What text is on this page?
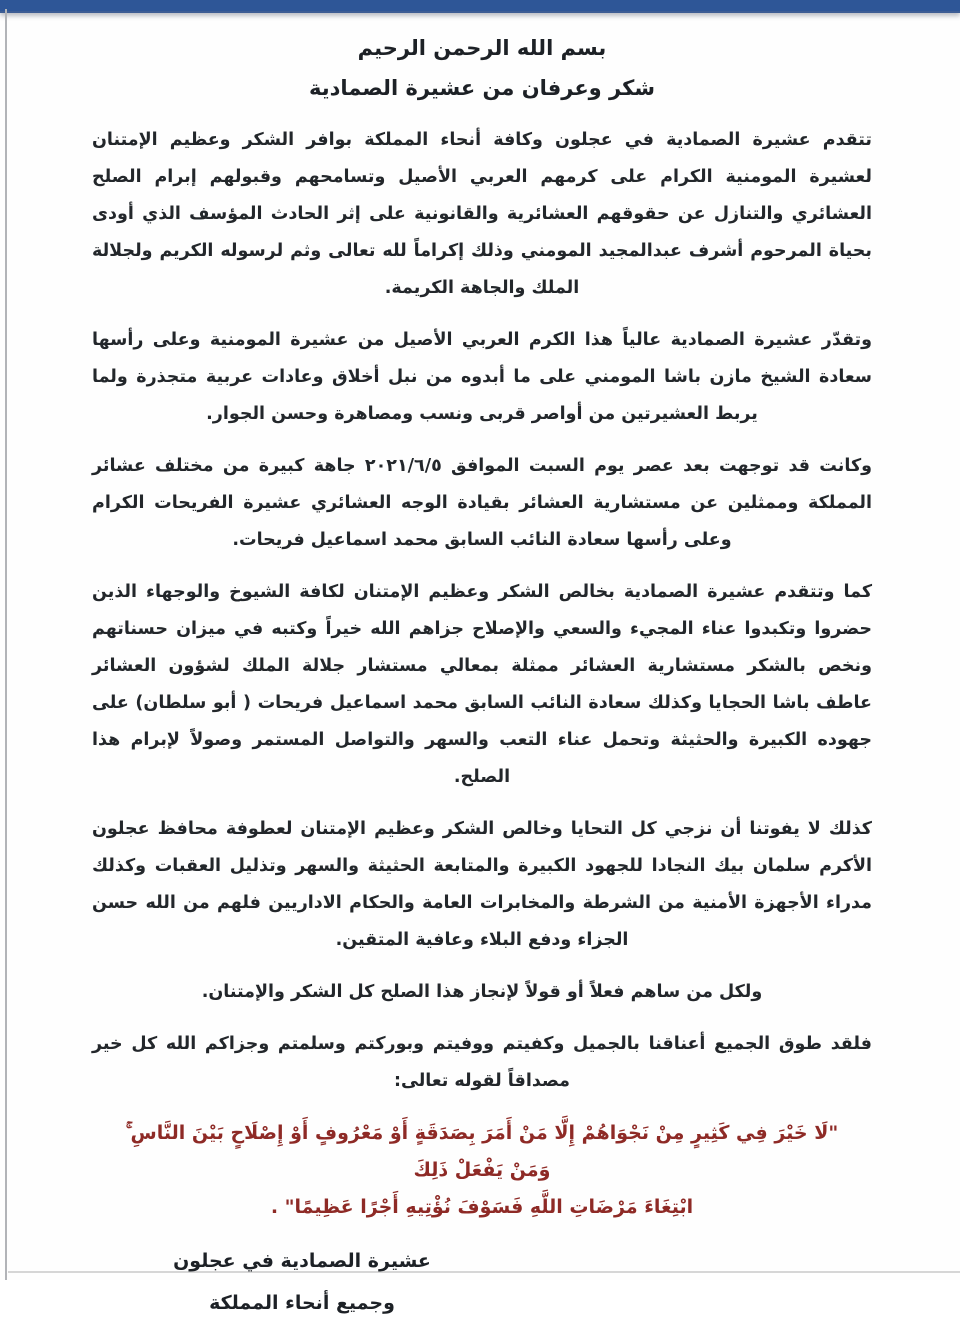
بسم الله الرحمن الرحيم
شكر وعرفان من عشيرة الصمادية

تتقدم عشيرة الصمادية في عجلون وكافة أنحاء المملكة بوافر الشكر وعظيم الإمتنان لعشيرة المومنية الكرام على كرمهم العربي الأصيل وتسامحهم وقبولهم إبرام الصلح العشائري والتنازل عن حقوقهم العشائرية والقانونية على إثر الحادث المؤسف الذي أودى بحياة المرحوم أشرف عبدالمجيد المومني وذلك إكراماً لله تعالى وثم لرسوله الكريم ولجلالة الملك والجاهة الكريمة.

وتقدّر عشيرة الصمادية عالياً هذا الكرم العربي الأصيل من عشيرة المومنية وعلى رأسها سعادة الشيخ مازن باشا المومني على ما أبدوه من نبل أخلاق وعادات عربية متجذرة ولما يربط العشيرتين من أواصر قربى ونسب ومصاهرة وحسن الجوار.

وكانت قد توجهت بعد عصر يوم السبت الموافق ٢٠٢١/٦/٥ جاهة كبيرة من مختلف عشائر المملكة وممثلين عن مستشارية العشائر بقيادة الوجه العشائري عشيرة الفريحات الكرام وعلى رأسها سعادة النائب السابق محمد اسماعيل فريحات.

كما وتتقدم عشيرة الصمادية بخالص الشكر وعظيم الإمتنان لكافة الشيوخ والوجهاء الذين حضروا وتكبدوا عناء المجيء والسعي والإصلاح جزاهم الله خيراً وكتبه في ميزان حسناتهم ونخص بالشكر مستشارية العشائر ممثلة بمعالي مستشار جلالة الملك لشؤون العشائر عاطف باشا الحجايا وكذلك سعادة النائب السابق محمد اسماعيل فريحات ( أبو سلطان) على جهوده الكبيرة والحثيثة وتحمل عناء التعب والسهر والتواصل المستمر وصولاً لإبرام هذا الصلح.

كذلك لا يفوتنا أن نزجي كل التحايا وخالص الشكر وعظيم الإمتنان لعطوفة محافظ عجلون الأكرم سلمان بيك النجادا للجهود الكبيرة والمتابعة الحثيثة والسهر وتذليل العقبات وكذلك مدراء الأجهزة الأمنية من الشرطة والمخابرات العامة والحكام الاداريين فلهم من الله حسن الجزاء ودفع البلاء وعافية المتقين.

ولكل من ساهم فعلاً أو قولاً لإنجاز هذا الصلح كل الشكر والإمتنان.

فلقد طوق الجميع أعناقنا بالجميل وكفيتم ووفيتم وبوركتم وسلمتم وجزاكم الله كل خير مصداقاً لقوله تعالى:

"لَا خَيْرَ فِي كَثِيرٍ مِنْ نَجْوَاهُمْ إِلَّا مَنْ أَمَرَ بِصَدَقَةٍ أَوْ مَعْرُوفٍ أَوْ إِصْلَاحٍ بَيْنَ النَّاسِ ۚ وَمَنْ يَفْعَلْ ذَلِكَ
ابْتِغَاءَ مَرْضَاتِ اللَّهِ فَسَوْفَ نُؤْتِيهِ أَجْرًا عَظِيمًا" .
عشيرة الصمادية في عجلون
وجميع أنحاء المملكة
